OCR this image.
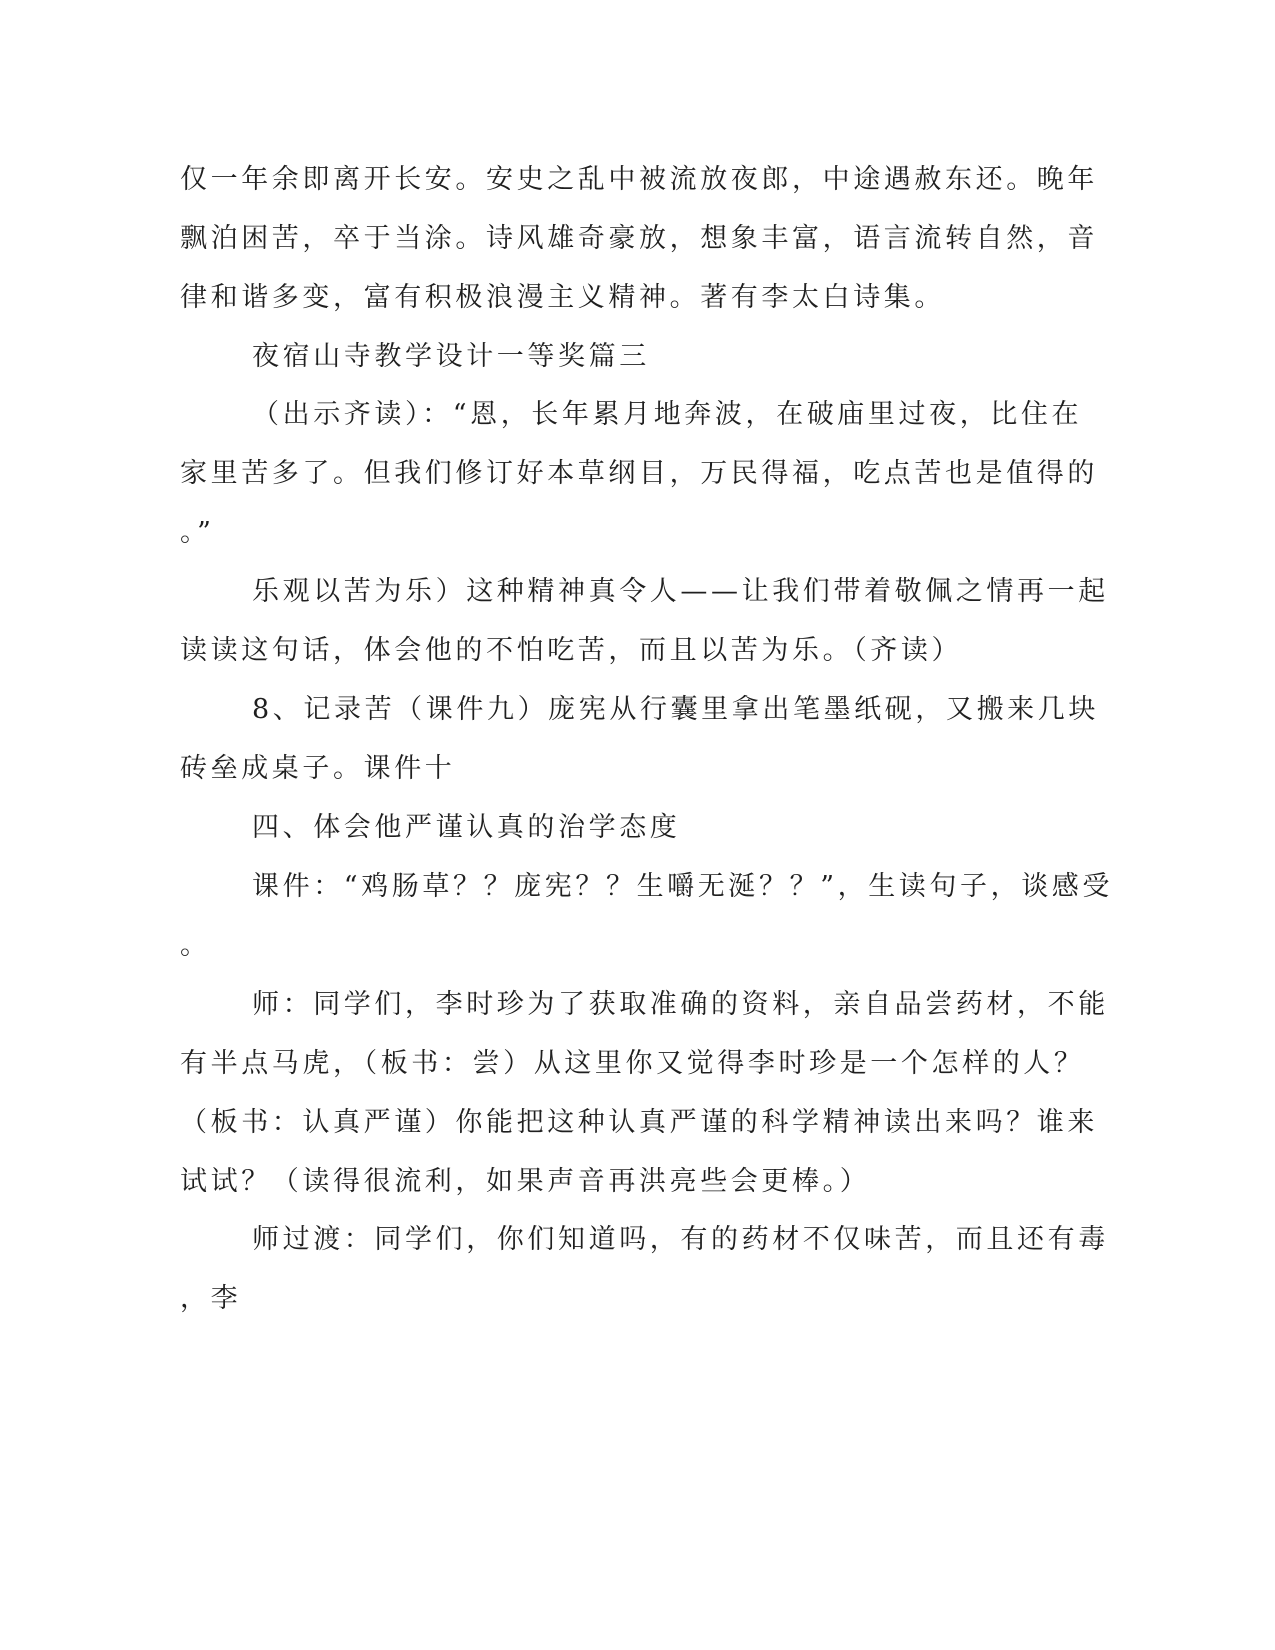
仅一年余即离开长安。安史之乱中被流放夜郎，中途遇赦东还。晚年
飘泊困苦，卒于当涂。诗风雄奇豪放，想象丰富，语言流转自然，音
律和谐多变，富有积极浪漫主义精神。著有李太白诗集。
夜宿山寺教学设计一等奖篇三
（出示齐读）：“恩，长年累月地奔波，在破庙里过夜，比住在
家里苦多了。但我们修订好本草纲目，万民得福，吃点苦也是值得的
。”
乐观以苦为乐）这种精神真令人——让我们带着敬佩之情再一起
读读这句话，体会他的不怕吃苦，而且以苦为乐。（齐读）
8、记录苦（课件九）庞宪从行囊里拿出笔墨纸砚，又搬来几块
砖垒成桌子。课件十
四、体会他严谨认真的治学态度
课件：“鸡肠草？？庞宪？？生嚼无涎？？”，生读句子，谈感受
。
师：同学们，李时珍为了获取准确的资料，亲自品尝药材，不能
有半点马虎，（板书：尝）从这里你又觉得李时珍是一个怎样的人？
（板书：认真严谨）你能把这种认真严谨的科学精神读出来吗？谁来
试试？（读得很流利，如果声音再洪亮些会更棒。）
师过渡：同学们，你们知道吗，有的药材不仅味苦，而且还有毒
，李
